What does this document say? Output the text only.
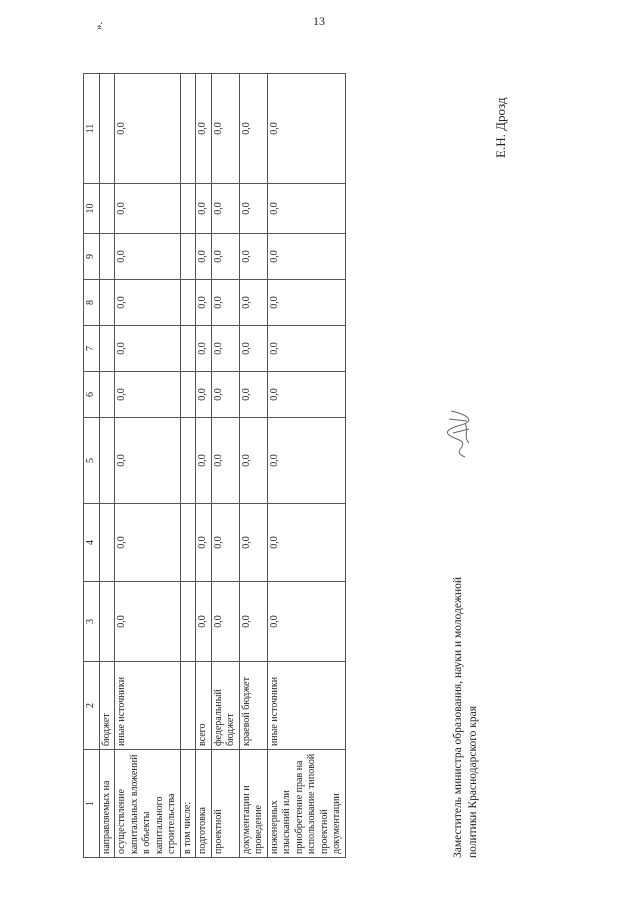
13
1	2	3	4	5	6	7	8	9	10	11
направляемых на	бюджет									
осуществление капитальных вложений в объекты капитального строительства	иные источники	0,0	0,0	0,0	0,0	0,0	0,0	0,0	0,0	0,0
в том числе:										
подготовка	всего	0,0	0,0	0,0	0,0	0,0	0,0	0,0	0,0	0,0
проектной	федеральный бюджет	0,0	0,0	0,0	0,0	0,0	0,0	0,0	0,0	0,0
документации и проведение	краевой бюджет	0,0	0,0	0,0	0,0	0,0	0,0	0,0	0,0	0,0
инженерных изысканий или приобретение прав на использование типовой проектной документации	иные источники	0,0	0,0	0,0	0,0	0,0	0,0	0,0	0,0	0,0
».
Заместитель министра образования, науки и молодежной политики Краснодарского края
Е.Н. Дрозд
